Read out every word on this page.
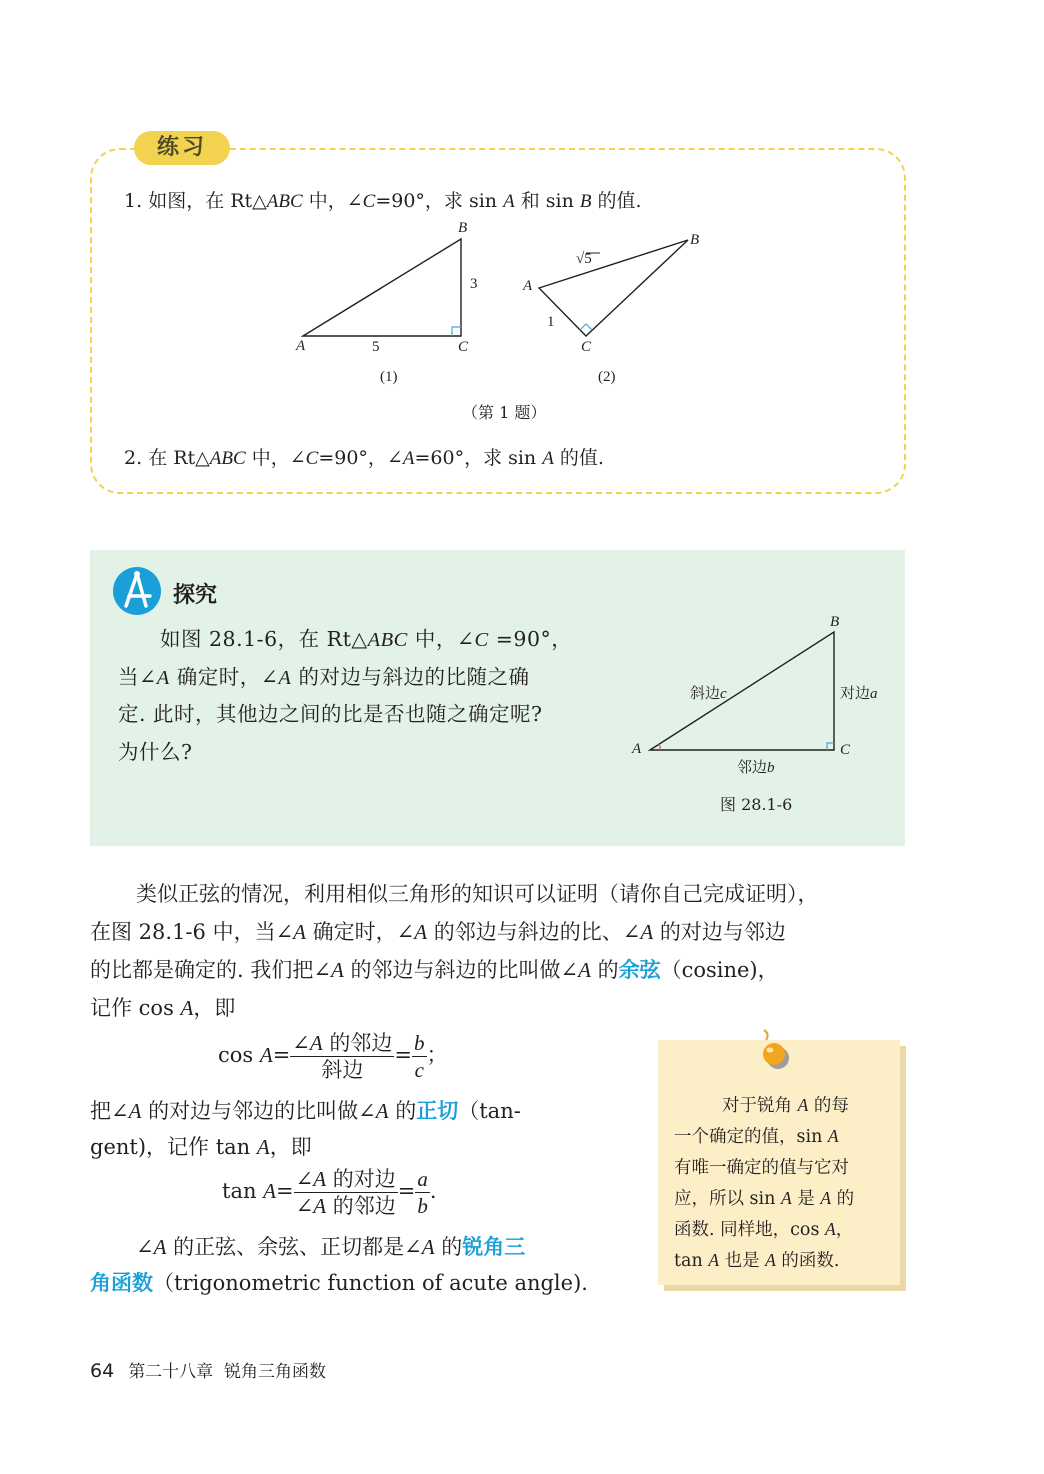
练习
1. 如图，在 Rt△ABC 中，∠C=90°，求 sin A 和 sin B 的值.
B
3
A	5	C
(1)
B
√5
A
1
C
(2)
（第 1 题）
2. 在 Rt△ABC 中，∠C=90°，∠A=60°，求 sin A 的值.
探究
如图 28.1-6，在 Rt△ABC 中，∠C =90°，
当∠A 确定时，∠A 的对边与斜边的比随之确
定. 此时，其他边之间的比是否也随之确定呢?
为什么?
B
斜边c	对边a
A	C
邻边b
图 28.1-6
类似正弦的情况，利用相似三角形的知识可以证明（请你自己完成证明），
在图 28.1-6 中，当∠A 确定时，∠A 的邻边与斜边的比、∠A 的对边与邻边
的比都是确定的. 我们把∠A 的邻边与斜边的比叫做∠A 的余弦（cosine)，
记作 cos A，即
$\cos A= \frac{\text{∠A 的邻边}}{\text{斜边}} = \frac{b}{c}$ ；
把∠A 的对边与邻边的比叫做∠A 的正切（tan-
gent)，记作 tan A，即
$\tan A= \frac{\text{∠A 的对边}}{\text{∠A 的邻边}} = \frac{a}{b}$ .
∠A 的正弦、余弦、正切都是∠A 的锐角三
角函数（trigonometric function of acute angle).
对于锐角 A 的每
一个确定的值，sin A
有唯一确定的值与它对
应，所以 sin A 是 A 的
函数. 同样地，cos A，
tan A 也是 A 的函数.
64 第二十八章 锐角三角函数
